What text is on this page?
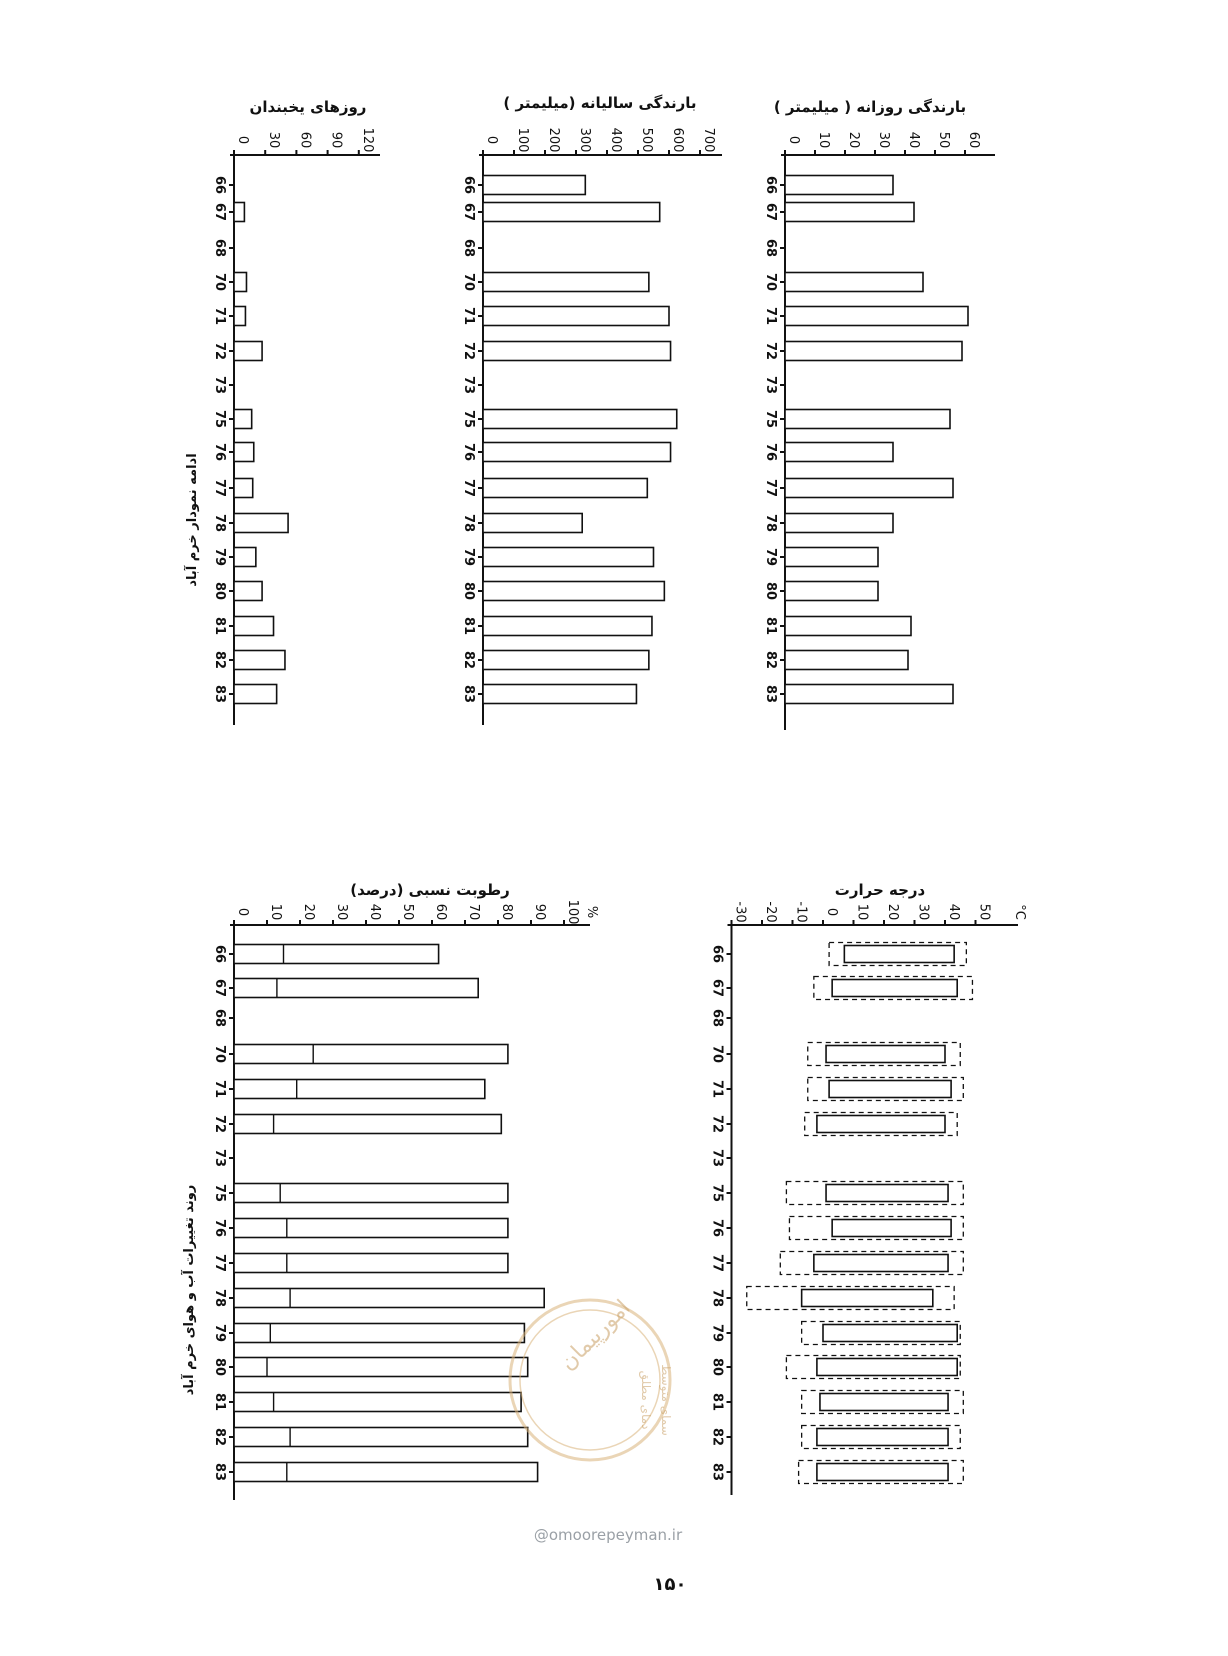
بارندگی روزانه ( میلیمتر )
0 10 20 30 40 50 60
66
67
68
70
71
72
73
75
76
77
78
79
80
81
82
83
بارندگی سالیانه (میلیمتر )
0 100 200 300 400 500 600 700
66
67
68
70
71
72
73
75
76
77
78
79
80
81
82
83
روزهای یخبندان
0 30 60 90 120
66
67
68
70
71
72
73
75
76
77
78
79
80
81
82
83
درجه حرارت
-30 -20 -10 0 10 20 30 40 50 °C
66
67
68
70
71
72
73
75
76
77
78
79
80
81
82
83
رطوبت نسبی (درصد)
0 10 20 30 40 50 60 70 80 90 100 %
66
67
68
70
71
72
73
75
76
77
78
79
80
81
82
83
ادامه نمودار خرم آباد
روند تغییرات آب و هوای خرم آباد	امورپیمان
سمای متوسط
دمای مطلق
@omoorepeyman.ir
۱۵۰
